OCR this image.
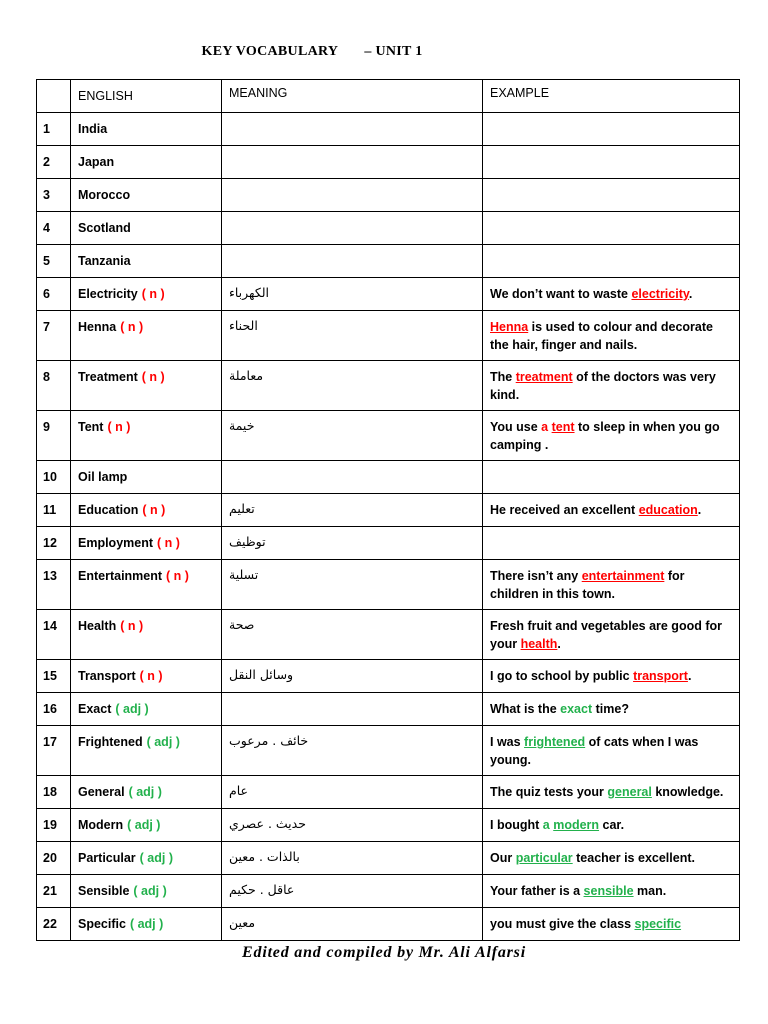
KEY VOCABULARY – UNIT 1
	ENGLISH	MEANING	EXAMPLE
1	India		
2	Japan		
3	Morocco		
4	Scotland		
5	Tanzania		
6	Electricity ( n )	الكهرباء	We don’t want to waste electricity.
7	Henna ( n )	الحناء	Henna is used to colour and decorate the hair, finger and nails.
8	Treatment ( n )	معاملة	The treatment of the doctors was very kind.
9	Tent ( n )	خيمة	You use a tent to sleep in when you go camping .
10	Oil lamp		
11	Education ( n )	تعليم	He received an excellent education.
12	Employment ( n )	توظيف	
13	Entertainment ( n )	تسلية	There isn’t any entertainment for children in this town.
14	Health ( n )	صحة	Fresh fruit and vegetables are good for your health.
15	Transport ( n )	وسائل النقل	I go to school by public transport.
16	Exact ( adj )		What is the exact time?
17	Frightened ( adj )	خائف . مرعوب	I was frightened of cats when I was young.
18	General ( adj )	عام	The quiz tests your general knowledge.
19	Modern ( adj )	حديث . عصري	I bought a modern car.
20	Particular ( adj )	بالذات . معين	Our particular teacher is excellent.
21	Sensible ( adj )	عاقل . حكيم	Your father is a sensible man.
22	Specific ( adj )	معين	you must give the class specific
Edited and compiled by Mr. Ali Alfarsi
